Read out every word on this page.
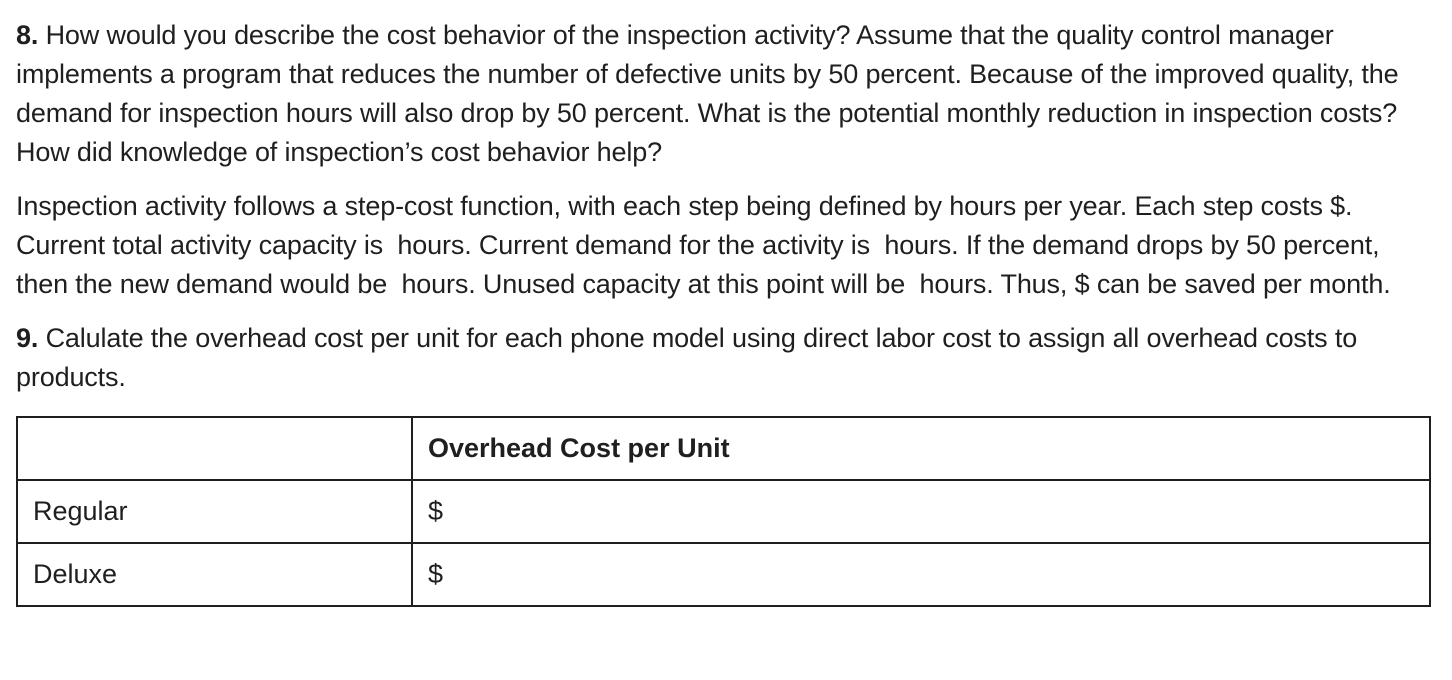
8. How would you describe the cost behavior of the inspection activity? Assume that the quality control manager implements a program that reduces the number of defective units by 50 percent. Because of the improved quality, the demand for inspection hours will also drop by 50 percent. What is the potential monthly reduction in inspection costs? How did knowledge of inspection’s cost behavior help?

Inspection activity follows a step-cost function, with each step being defined by hours per year. Each step costs $. Current total activity capacity is hours. Current demand for the activity is hours. If the demand drops by 50 percent, then the new demand would be hours. Unused capacity at this point will be hours. Thus, $ can be saved per month.

9. Calulate the overhead cost per unit for each phone model using direct labor cost to assign all overhead costs to products.

	Overhead Cost per Unit
Regular	$
Deluxe	$
